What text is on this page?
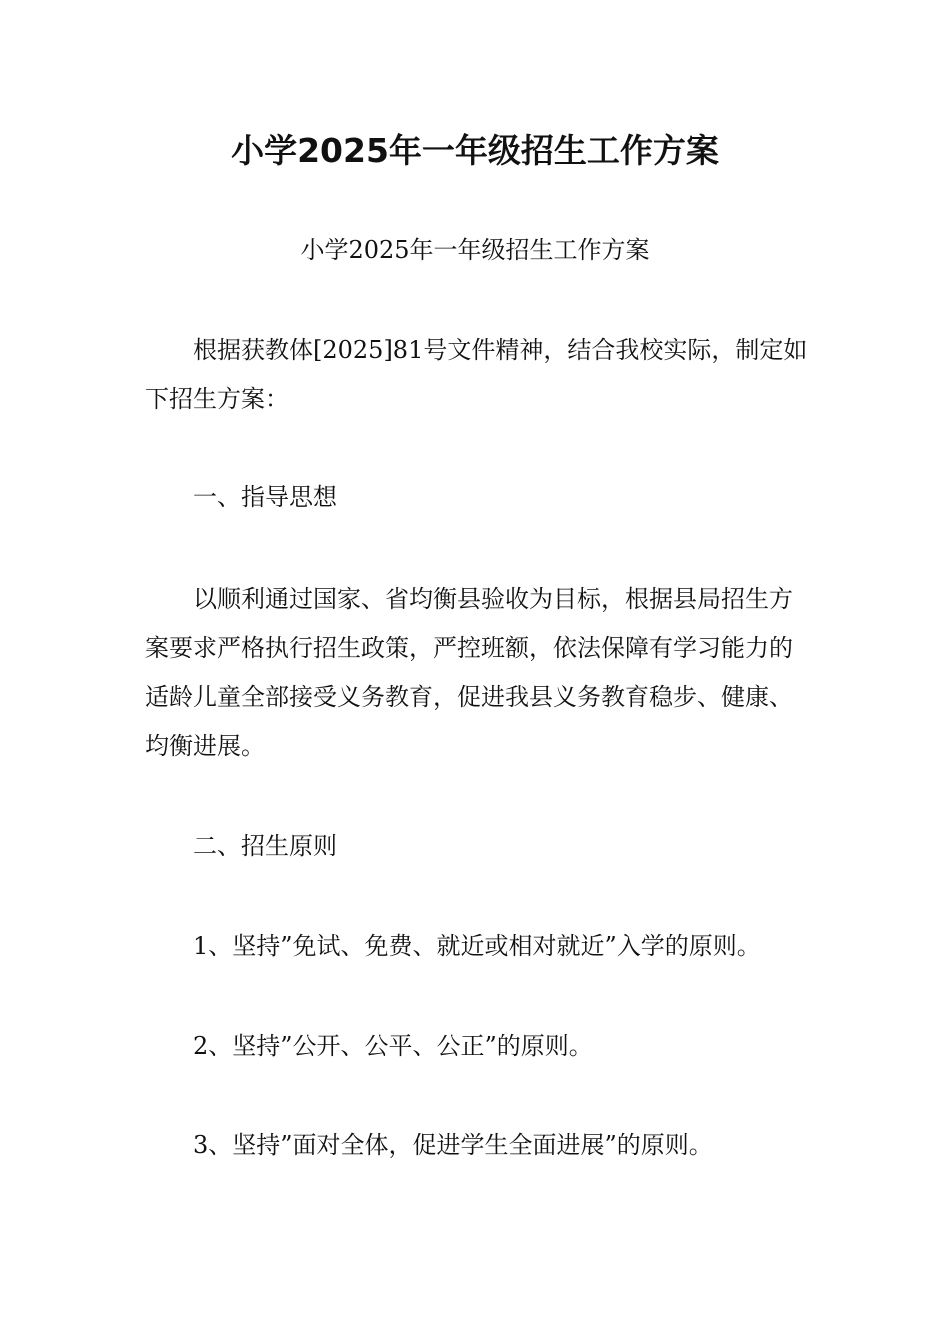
小学2025年一年级招生工作方案

小学2025年一年级招生工作方案

根据获教体[2025]81号文件精神，结合我校实际，制定如下招生方案：

一、指导思想

以顺利通过国家、省均衡县验收为目标，根据县局招生方案要求严格执行招生政策，严控班额，依法保障有学习能力的适龄儿童全部接受义务教育，促进我县义务教育稳步、健康、均衡进展。

二、招生原则

1、坚持”免试、免费、就近或相对就近”入学的原则。

2、坚持”公开、公平、公正”的原则。

3、坚持”面对全体，促进学生全面进展”的原则。
